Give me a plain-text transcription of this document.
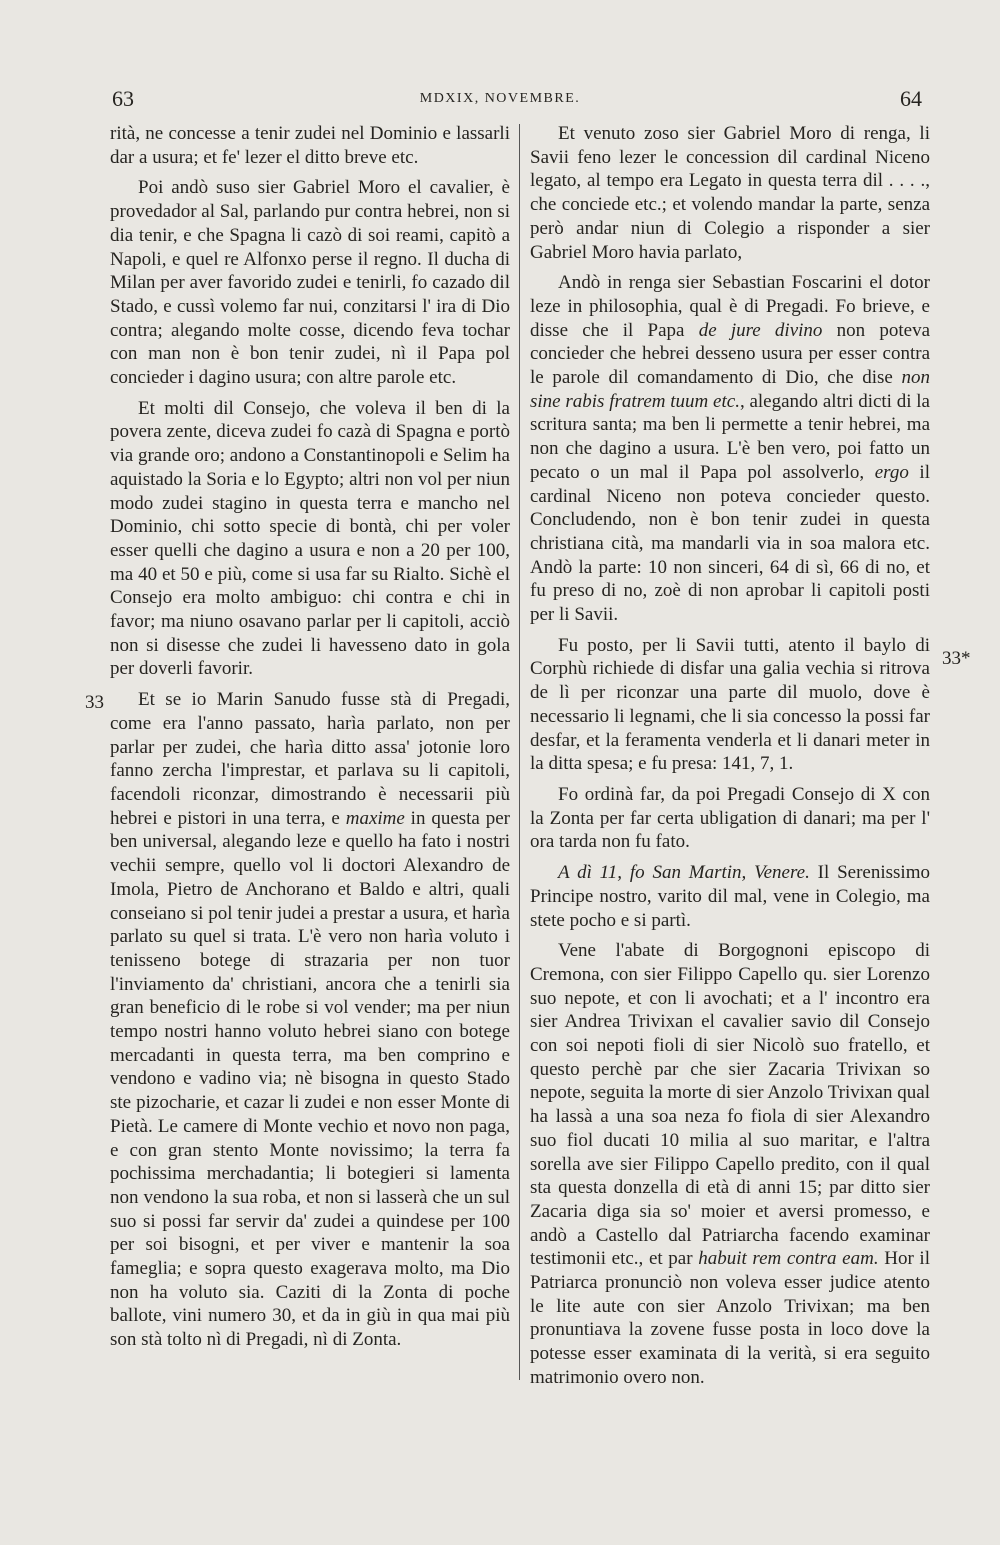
63	MDXIX, NOVEMBRE.	64
33
33*

rità, ne concesse a tenir zudei nel Dominio e lassarli dar a usura; et fe' lezer el ditto breve etc.

Poi andò suso sier Gabriel Moro el cavalier, è provedador al Sal, parlando pur contra hebrei, non si dia tenir, e che Spagna li cazò di soi reami, capitò a Napoli, e quel re Alfonxo perse il regno. Il ducha di Milan per aver favorido zudei e tenirli, fo cazado dil Stado, e cussì volemo far nui, conzitarsi l' ira di Dio contra; alegando molte cosse, dicendo feva tochar con man non è bon tenir zudei, nì il Papa pol concieder i dagino usura; con altre parole etc.

Et molti dil Consejo, che voleva il ben di la povera zente, diceva zudei fo cazà di Spagna e portò via grande oro; andono a Constantinopoli e Selim ha aquistado la Soria e lo Egypto; altri non vol per niun modo zudei stagino in questa terra e mancho nel Dominio, chi sotto specie di bontà, chi per voler esser quelli che dagino a usura e non a 20 per 100, ma 40 et 50 e più, come si usa far su Rialto. Sichè el Consejo era molto ambiguo: chi contra e chi in favor; ma niuno osavano parlar per li capitoli, acciò non si disesse che zudei li havesseno dato in gola per doverli favorir.

Et se io Marin Sanudo fusse stà di Pregadi, come era l'anno passato, harìa parlato, non per parlar per zudei, che harìa ditto assa' jotonie loro fanno zercha l'imprestar, et parlava su li capitoli, facendoli riconzar, dimostrando è necessarii più hebrei e pistori in una terra, e maxime in questa per ben universal, alegando leze e quello ha fato i nostri vechii sempre, quello vol li doctori Alexandro de Imola, Pietro de Anchorano et Baldo e altri, quali conseiano si pol tenir judei a prestar a usura, et harìa parlato su quel si trata. L'è vero non harìa voluto i tenisseno botege di strazaria per non tuor l'inviamento da' christiani, ancora che a tenirli sia gran beneficio di le robe si vol vender; ma per niun tempo nostri hanno voluto hebrei siano con botege mercadanti in questa terra, ma ben comprino e vendono e vadino via; nè bisogna in questo Stado ste pizocharie, et cazar li zudei e non esser Monte di Pietà. Le camere di Monte vechio et novo non paga, e con gran stento Monte novissimo; la terra fa pochissima merchadantia; li botegieri si lamenta non vendono la sua roba, et non si lasserà che un sul suo si possi far servir da' zudei a quindese per 100 per soi bisogni, et per viver e mantenir la soa fameglia; e sopra questo exagerava molto, ma Dio non ha voluto sia. Caziti di la Zonta di poche ballote, vini numero 30, et da in giù in qua mai più son stà tolto nì di Pregadi, nì di Zonta.

Et venuto zoso sier Gabriel Moro di renga, li Savii feno lezer le concession dil cardinal Niceno legato, al tempo era Legato in questa terra dil . . . ., che conciede etc.; et volendo mandar la parte, senza però andar niun di Colegio a risponder a sier Gabriel Moro havia parlato,

Andò in renga sier Sebastian Foscarini el dotor leze in philosophia, qual è di Pregadi. Fo brieve, e disse che il Papa de jure divino non poteva concieder che hebrei desseno usura per esser contra le parole dil comandamento di Dio, che dise non sine rabis fratrem tuum etc., alegando altri dicti di la scritura santa; ma ben li permette a tenir hebrei, ma non che dagino a usura. L'è ben vero, poi fatto un pecato o un mal il Papa pol assolverlo, ergo il cardinal Niceno non poteva concieder questo. Concludendo, non è bon tenir zudei in questa christiana cità, ma mandarli via in soa malora etc. Andò la parte: 10 non sinceri, 64 di sì, 66 di no, et fu preso di no, zoè di non aprobar li capitoli posti per li Savii.

Fu posto, per li Savii tutti, atento il baylo di Corphù richiede di disfar una galia vechia si ritrova de lì per riconzar una parte dil muolo, dove è necessario li legnami, che li sia concesso la possi far desfar, et la feramenta venderla et li danari meter in la ditta spesa; e fu presa: 141, 7, 1.

Fo ordinà far, da poi Pregadi Consejo di X con la Zonta per far certa ubligation di danari; ma per l' ora tarda non fu fato.

A dì 11, fo San Martin, Venere. Il Serenissimo Principe nostro, varito dil mal, vene in Colegio, ma stete pocho e si partì.

Vene l'abate di Borgognoni episcopo di Cremona, con sier Filippo Capello qu. sier Lorenzo suo nepote, et con li avochati; et a l' incontro era sier Andrea Trivixan el cavalier savio dil Consejo con soi nepoti fioli di sier Nicolò suo fratello, et questo perchè par che sier Zacaria Trivixan so nepote, seguita la morte di sier Anzolo Trivixan qual ha lassà a una soa neza fo fiola di sier Alexandro suo fiol ducati 10 milia al suo maritar, e l'altra sorella ave sier Filippo Capello predito, con il qual sta questa donzella di età di anni 15; par ditto sier Zacaria diga sia so' moier et aversi promesso, e andò a Castello dal Patriarcha facendo examinar testimonii etc., et par habuit rem contra eam. Hor il Patriarca pronunciò non voleva esser judice atento le lite aute con sier Anzolo Trivixan; ma ben pronuntiava la zovene fusse posta in loco dove la potesse esser examinata di la verità, si era seguito matrimonio overo non.
